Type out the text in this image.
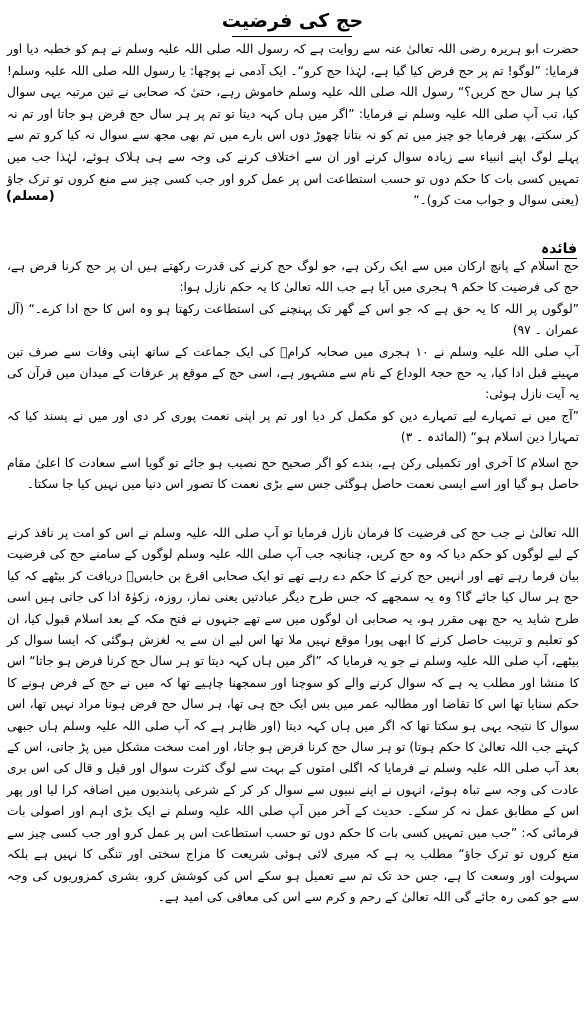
حج کی فرضیت

حضرت ابو ہریرہ رضی اللہ تعالیٰ عنہ سے روایت ہے کہ رسول اللہ صلی اللہ علیہ وسلم نے ہم کو خطبہ دیا اور فرمایا: ”لوگو! تم پر حج فرض کیا گیا ہے، لہٰذا حج کرو“۔ ایک آدمی نے پوچھا: یا رسول اللہ صلی اللہ علیہ وسلم! کیا ہر سال حج کریں؟“ رسول اللہ صلی اللہ علیہ وسلم خاموش رہے، حتیٰ کہ صحابی نے تین مرتبہ یہی سوال کیا، تب آپ صلی اللہ علیہ وسلم نے فرمایا: ”اگر میں ہاں کہہ دیتا تو تم پر ہر سال حج فرض ہو جاتا اور تم نہ کر سکتے، پھر فرمایا جو چیز میں تم کو نہ بتانا چھوڑ دوں اس بارے میں تم بھی مجھ سے سوال نہ کیا کرو تم سے پہلے لوگ اپنے انبیاء سے زیادہ سوال کرنے اور ان سے اختلاف کرنے کی وجہ سے ہی ہلاک ہوئے، لہٰذا جب میں تمہیں کسی بات کا حکم دوں تو حسب استطاعت اس پر عمل کرو اور جب کسی چیز سے منع کروں تو ترک جاؤ (یعنی سوال و جواب مت کرو)۔“

(مسلم)
فائدہ

حج اسلام کے پانچ ارکان میں سے ایک رکن ہے، جو لوگ حج کرنے کی قدرت رکھتے ہیں ان پر حج کرنا فرض ہے، حج کی فرضیت کا حکم ۹ ہجری میں آیا ہے جب اللہ تعالیٰ کا یہ حکم نازل ہوا:
”لوگوں پر اللہ کا یہ حق ہے کہ جو اس کے گھر تک پہنچنے کی استطاعت رکھتا ہو وہ اس کا حج ادا کرے۔“ (آل عمران ۔ ۹۷)
آپ صلی اللہ علیہ وسلم نے ۱۰ ہجری میں صحابہ کرامؓ کی ایک جماعت کے ساتھ اپنی وفات سے صرف تین مہینے قبل ادا کیا، یہ حج حجۃ الوداع کے نام سے مشہور ہے، اسی حج کے موقع پر عرفات کے میدان میں قرآن کی یہ آیت نازل ہوئی:
”آج میں نے تمہارے لیے تمہارے دین کو مکمل کر دیا اور تم پر اپنی نعمت پوری کر دی اور میں نے پسند کیا کہ تمہارا دین اسلام ہو“ (المائدہ ۔ ۳)

حج اسلام کا آخری اور تکمیلی رکن ہے، بندے کو اگر صحیح حج نصیب ہو جائے تو گویا اسے سعادت کا اعلیٰ مقام حاصل ہو گیا اور اسے ایسی نعمت حاصل ہوگئی جس سے بڑی نعمت کا تصور اس دنیا میں نہیں کیا جا سکتا۔

اللہ تعالیٰ نے جب حج کی فرضیت کا فرمان نازل فرمایا تو آپ صلی اللہ علیہ وسلم نے اس کو امت پر نافذ کرنے کے لیے لوگوں کو حکم دیا کہ وہ حج کریں، چنانچہ جب آپ صلی اللہ علیہ وسلم لوگوں کے سامنے حج کی فرضیت بیان فرما رہے تھے اور انہیں حج کرنے کا حکم دے رہے تھے تو ایک صحابی اقرع بن حابسؓ دریافت کر بیٹھے کہ کیا حج ہر سال کیا جائے گا؟ وہ یہ سمجھے کہ جس طرح دیگر عبادتیں یعنی نماز، روزہ، زکوٰۃ ادا کی جاتی ہیں اسی طرح شاید یہ حج بھی مقرر ہو، یہ صحابی ان لوگوں میں سے تھے جنہوں نے فتح مکہ کے بعد اسلام قبول کیا، ان کو تعلیم و تربیت حاصل کرنے کا ابھی پورا موقع نہیں ملا تھا اس لیے ان سے یہ لغزش ہوگئی کہ ایسا سوال کر بیٹھے، آپ صلی اللہ علیہ وسلم نے جو یہ فرمایا کہ ”اگر میں ہاں کہہ دیتا تو ہر سال حج کرنا فرض ہو جاتا“ اس کا منشا اور مطلب یہ ہے کہ سوال کرنے والے کو سوچنا اور سمجھنا چاہیے تھا کہ میں نے حج کے فرض ہونے کا حکم سنایا تھا اس کا تقاضا اور مطالبہ عمر میں بس ایک حج ہی تھا، ہر سال حج فرض ہونا مراد نہیں تھا، اس سوال کا نتیجہ یہی ہو سکتا تھا کہ اگر میں ہاں کہہ دیتا (اور ظاہر ہے کہ آپ صلی اللہ علیہ وسلم ہاں جبھی کہتے جب اللہ تعالیٰ کا حکم ہوتا) تو ہر سال حج کرنا فرض ہو جاتا، اور امت سخت مشکل میں پڑ جاتی، اس کے بعد آپ صلی اللہ علیہ وسلم نے فرمایا کہ اگلی امتوں کے بہت سے لوگ کثرت سوال اور قیل و قال کی اس بری عادت کی وجہ سے تباہ ہوئے، انہوں نے اپنے نبیوں سے سوال کر کر کے شرعی پابندیوں میں اضافہ کرا لیا اور پھر اس کے مطابق عمل نہ کر سکے۔ حدیث کے آخر میں آپ صلی اللہ علیہ وسلم نے ایک بڑی اہم اور اصولی بات فرمائی کہ: ”جب میں تمہیں کسی بات کا حکم دوں تو حسب استطاعت اس پر عمل کرو اور جب کسی چیز سے منع کروں تو ترک جاؤ“ مطلب یہ ہے کہ میری لائی ہوئی شریعت کا مزاج سختی اور تنگی کا نہیں ہے بلکہ سہولت اور وسعت کا ہے، جس حد تک تم سے تعمیل ہو سکے اس کی کوشش کرو، بشری کمزوریوں کی وجہ سے جو کمی رہ جائے گی اللہ تعالیٰ کے رحم و کرم سے اس کی معافی کی امید ہے۔
